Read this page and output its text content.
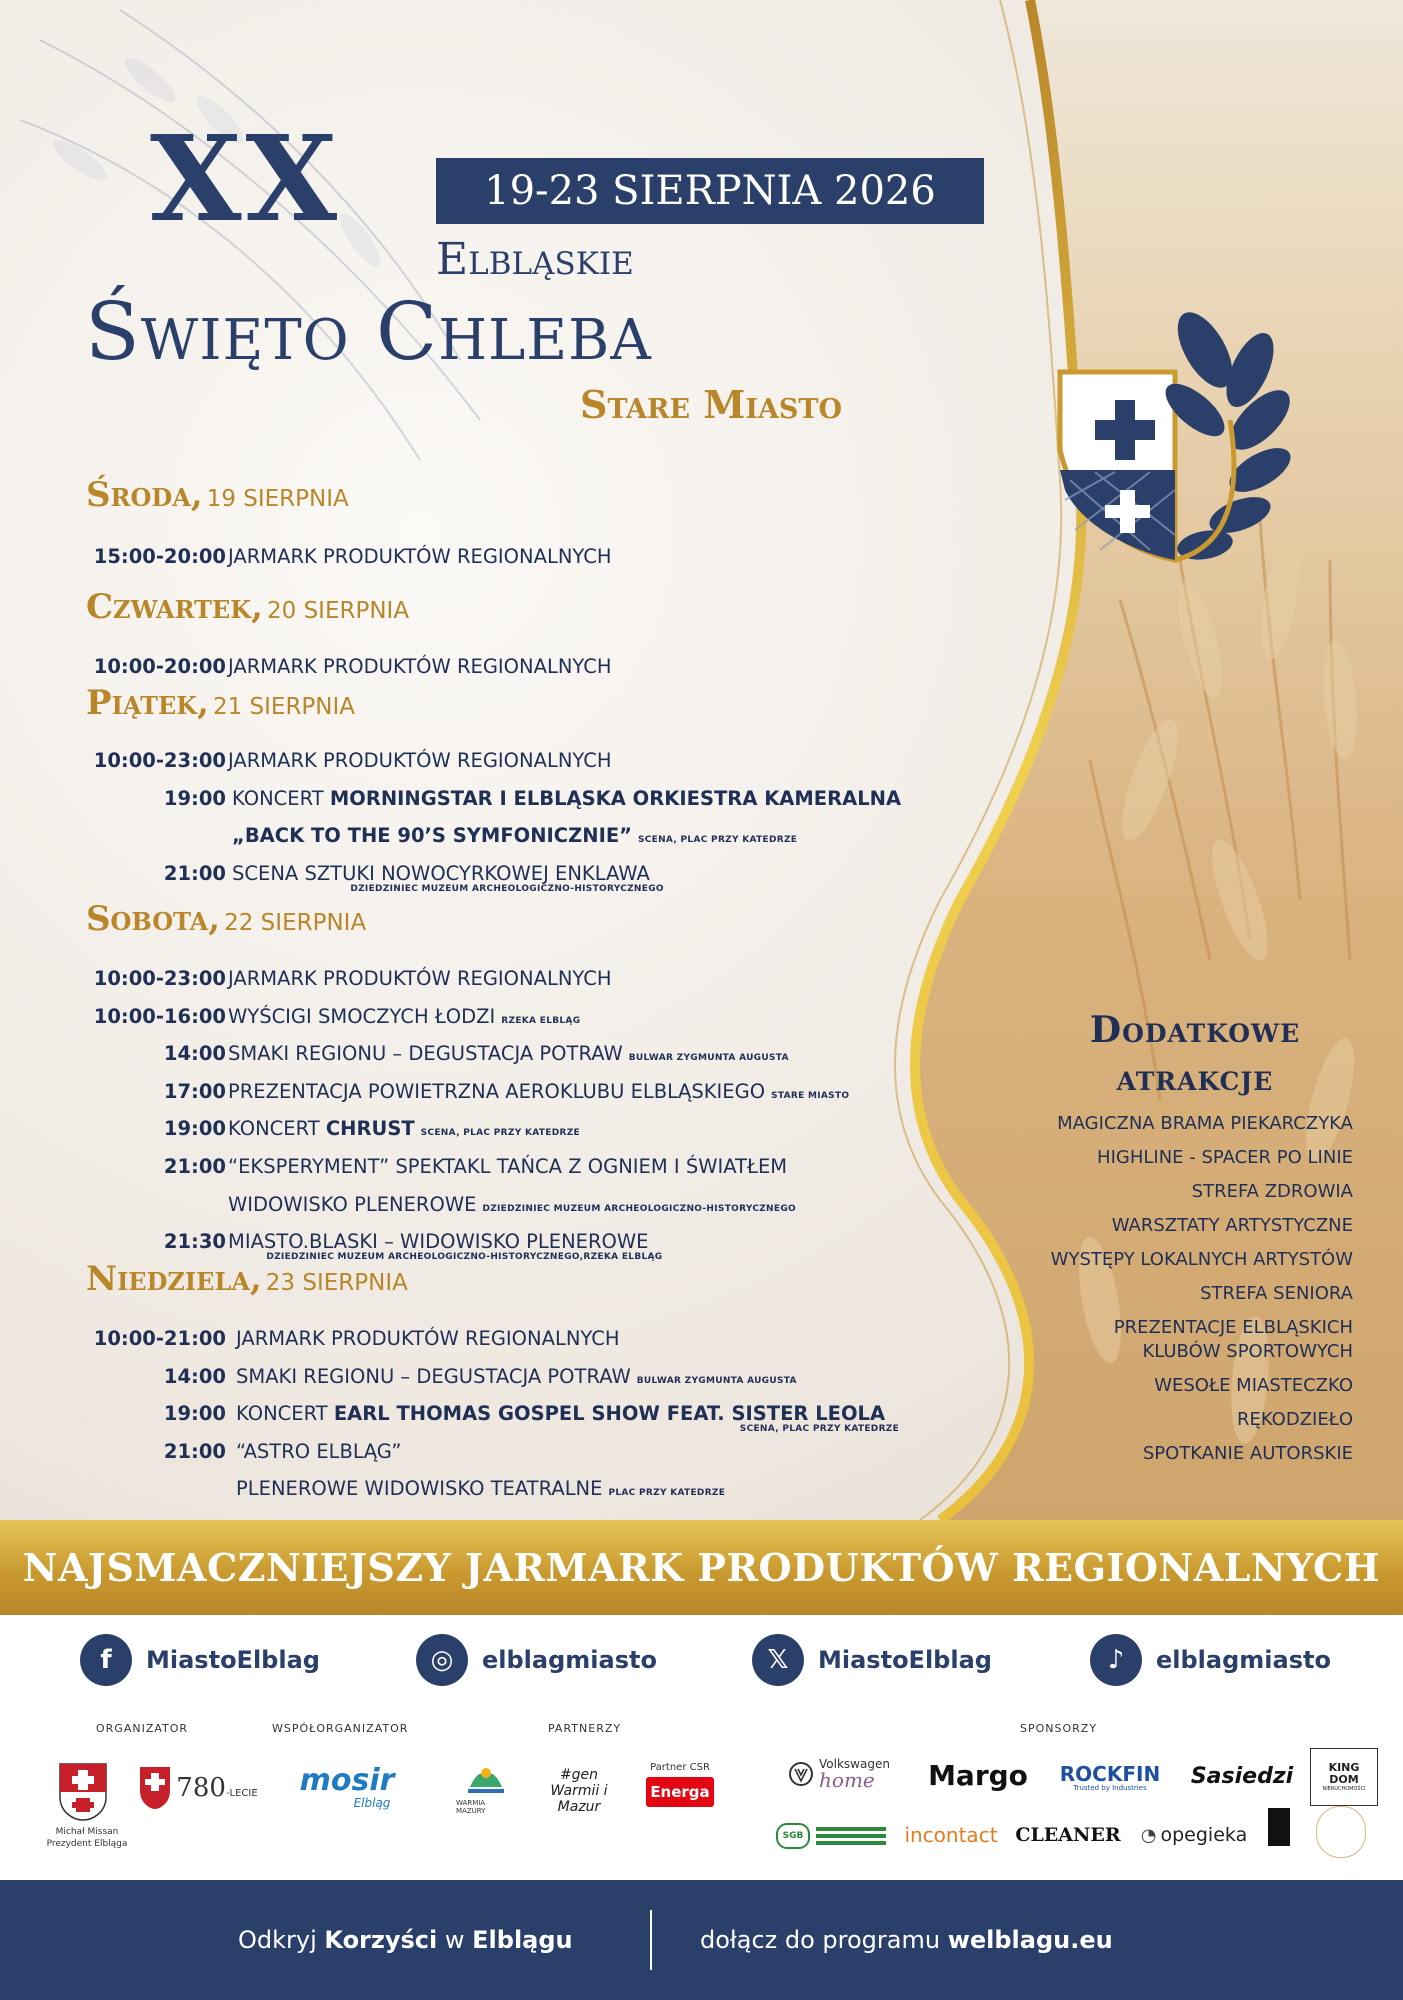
XX	19-23 SIERPNIA 2026
Elbląskie
Święto Chleba
Stare Miasto
Środa, 19 SIERPNIA
15:00-20:00 JARMARK PRODUKTÓW REGIONALNYCH
Czwartek, 20 SIERPNIA
10:00-20:00 JARMARK PRODUKTÓW REGIONALNYCH
Piątek, 21 SIERPNIA
10:00-23:00 JARMARK PRODUKTÓW REGIONALNYCH
19:00 KONCERT MORNINGSTAR I ELBLĄSKA ORKIESTRA KAMERALNA
„BACK TO THE 90’S SYMFONICZNIE” SCENA, PLAC PRZY KATEDRZE
21:00 SCENA SZTUKI NOWOCYRKOWEJ ENKLAWA
DZIEDZINIEC MUZEUM ARCHEOLOGICZNO-HISTORYCZNEGO
Sobota, 22 SIERPNIA
10:00-23:00 JARMARK PRODUKTÓW REGIONALNYCH
10:00-16:00 WYŚCIGI SMOCZYCH ŁODZI RZEKA ELBLĄG
14:00 SMAKI REGIONU – DEGUSTACJA POTRAW BULWAR ZYGMUNTA AUGUSTA
17:00 PREZENTACJA POWIETRZNA AEROKLUBU ELBLĄSKIEGO STARE MIASTO
19:00 KONCERT CHRUST SCENA, PLAC PRZY KATEDRZE
21:00 “EKSPERYMENT” SPEKTAKL TAŃCA Z OGNIEM I ŚWIATŁEM
WIDOWISKO PLENEROWE DZIEDZINIEC MUZEUM ARCHEOLOGICZNO-HISTORYCZNEGO
21:30 MIASTO.BLASKI – WIDOWISKO PLENEROWE
DZIEDZINIEC MUZEUM ARCHEOLOGICZNO-HISTORYCZNEGO,RZEKA ELBLĄG
Niedziela, 23 SIERPNIA
10:00-21:00 JARMARK PRODUKTÓW REGIONALNYCH
14:00 SMAKI REGIONU – DEGUSTACJA POTRAW BULWAR ZYGMUNTA AUGUSTA
19:00 KONCERT EARL THOMAS GOSPEL SHOW FEAT. SISTER LEOLA
SCENA, PLAC PRZY KATEDRZE
21:00 “ASTRO ELBLĄG”
PLENEROWE WIDOWISKO TEATRALNE PLAC PRZY KATEDRZE
Dodatkowe
atrakcje
MAGICZNA BRAMA PIEKARCZYKA
HIGHLINE - SPACER PO LINIE
STREFA ZDROWIA
WARSZTATY ARTYSTYCZNE
WYSTĘPY LOKALNYCH ARTYSTÓW
STREFA SENIORA
PREZENTACJE ELBLĄSKICH
KLUBÓW SPORTOWYCH
WESOŁE MIASTECZKO
RĘKODZIEŁO
SPOTKANIE AUTORSKIE
NAJSMACZNIEJSZY JARMARK PRODUKTÓW REGIONALNYCH
f	MiastoElblag	◎	elblagmiasto	𝕏	MiastoElblag	♪	elblagmiasto
ORGANIZATOR	WSPÓŁORGANIZATOR	PARTNERZY	SPONSORZY
Michał Missan
Prezydent Elbląga
780-LECIE mosir
Elbląg	WARMIA MAZURY
#gen Warmii i Mazur
Partner CSR
Energa
Volkswagen
home	Margo ROCKFIN
Trusted by Industries Sasiedzi	KING DOM
NIERUCHOMOŚCI
SGB	incontact CLEANER ◔ opegieka
Odkryj Korzyści w Elblągu	dołącz do programu welblagu.eu
